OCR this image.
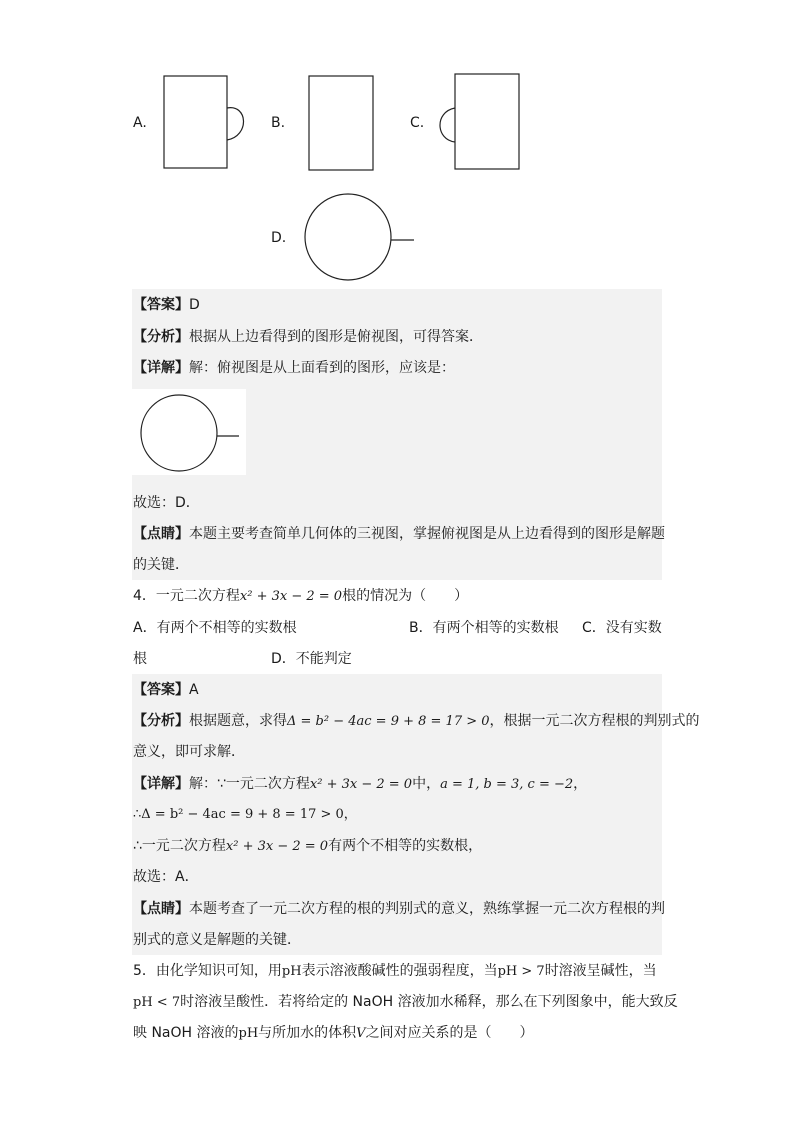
A.	B.	C.
D.
【答案】D
【分析】根据从上边看得到的图形是俯视图，可得答案．
【详解】解：俯视图是从上面看到的图形，应该是：
故选：D．
【点睛】本题主要考查简单几何体的三视图，掌握俯视图是从上边看得到的图形是解题
的关键．
4．一元二次方程x² + 3x − 2 = 0根的情况为（　　）
A．有两个不相等的实数根	B．有两个相等的实数根 C．没有实数
根	D．不能判定
【答案】A
【分析】根据题意，求得Δ = b² − 4ac = 9 + 8 = 17 > 0，根据一元二次方程根的判别式的
意义，即可求解．
【详解】解：∵一元二次方程x² + 3x − 2 = 0中，a = 1, b = 3, c = −2，
∴Δ = b² − 4ac = 9 + 8 = 17 > 0，
∴一元二次方程x² + 3x − 2 = 0有两个不相等的实数根，
故选：A．
【点睛】本题考查了一元二次方程的根的判别式的意义，熟练掌握一元二次方程根的判
别式的意义是解题的关键．
5．由化学知识可知，用pH表示溶液酸碱性的强弱程度，当pH > 7时溶液呈碱性，当
pH < 7时溶液呈酸性．若将给定的 NaOH 溶液加水稀释，那么在下列图象中，能大致反
映 NaOH 溶液的pH与所加水的体积V之间对应关系的是（　　）
